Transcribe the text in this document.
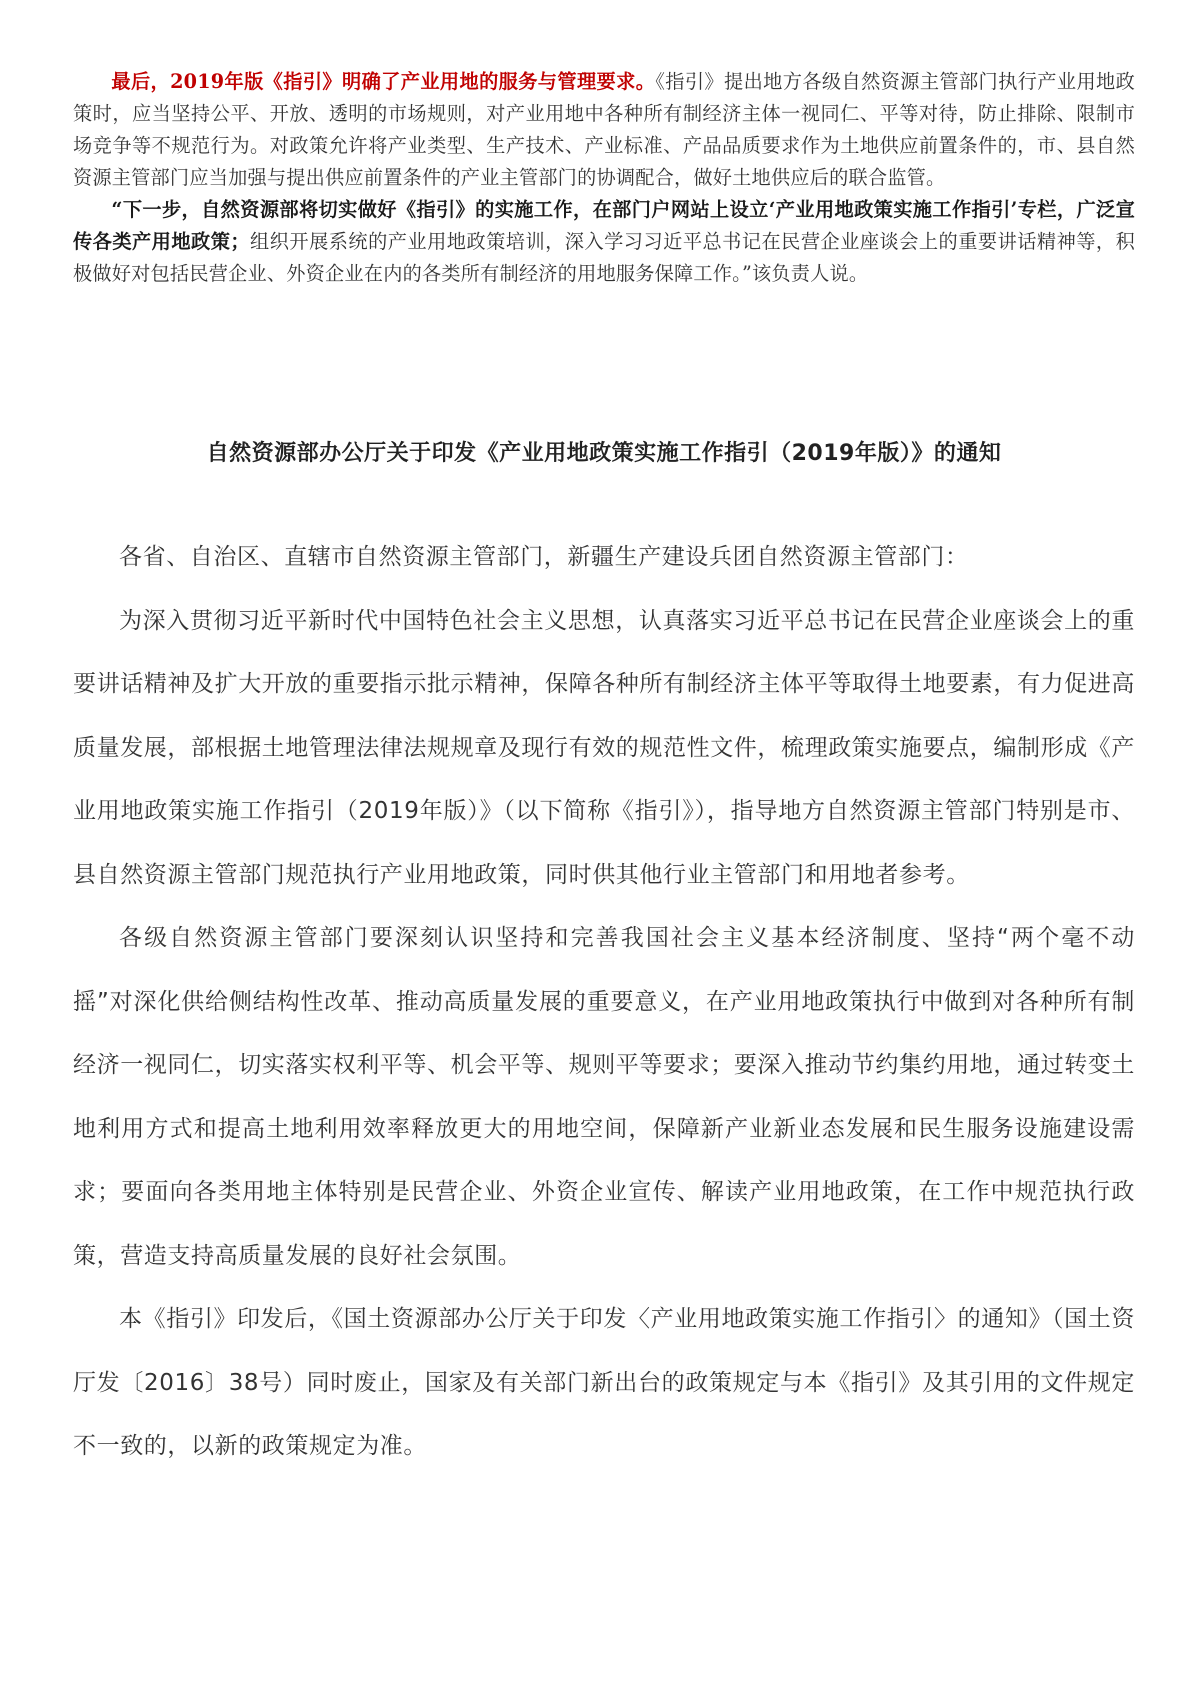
最后，2019年版《指引》明确了产业用地的服务与管理要求。《指引》提出地方各级自然资源主管部门执行产业用地政策时，应当坚持公平、开放、透明的市场规则，对产业用地中各种所有制经济主体一视同仁、平等对待，防止排除、限制市场竞争等不规范行为。对政策允许将产业类型、生产技术、产业标准、产品品质要求作为土地供应前置条件的，市、县自然资源主管部门应当加强与提出供应前置条件的产业主管部门的协调配合，做好土地供应后的联合监管。

“下一步，自然资源部将切实做好《指引》的实施工作，在部门户网站上设立‘产业用地政策实施工作指引’专栏，广泛宣传各类产用地政策；组织开展系统的产业用地政策培训，深入学习习近平总书记在民营企业座谈会上的重要讲话精神等，积极做好对包括民营企业、外资企业在内的各类所有制经济的用地服务保障工作。”该负责人说。

自然资源部办公厅关于印发《产业用地政策实施工作指引（2019年版）》的通知

各省、自治区、直辖市自然资源主管部门，新疆生产建设兵团自然资源主管部门：

为深入贯彻习近平新时代中国特色社会主义思想，认真落实习近平总书记在民营企业座谈会上的重要讲话精神及扩大开放的重要指示批示精神，保障各种所有制经济主体平等取得土地要素，有力促进高质量发展，部根据土地管理法律法规规章及现行有效的规范性文件，梳理政策实施要点，编制形成《产业用地政策实施工作指引（2019年版）》（以下简称《指引》），指导地方自然资源主管部门特别是市、县自然资源主管部门规范执行产业用地政策，同时供其他行业主管部门和用地者参考。

各级自然资源主管部门要深刻认识坚持和完善我国社会主义基本经济制度、坚持“两个毫不动摇”对深化供给侧结构性改革、推动高质量发展的重要意义，在产业用地政策执行中做到对各种所有制经济一视同仁，切实落实权利平等、机会平等、规则平等要求；要深入推动节约集约用地，通过转变土地利用方式和提高土地利用效率释放更大的用地空间，保障新产业新业态发展和民生服务设施建设需求；要面向各类用地主体特别是民营企业、外资企业宣传、解读产业用地政策，在工作中规范执行政策，营造支持高质量发展的良好社会氛围。

本《指引》印发后，《国土资源部办公厅关于印发〈产业用地政策实施工作指引〉的通知》（国土资厅发〔2016〕38号）同时废止，国家及有关部门新出台的政策规定与本《指引》及其引用的文件规定不一致的，以新的政策规定为准。
